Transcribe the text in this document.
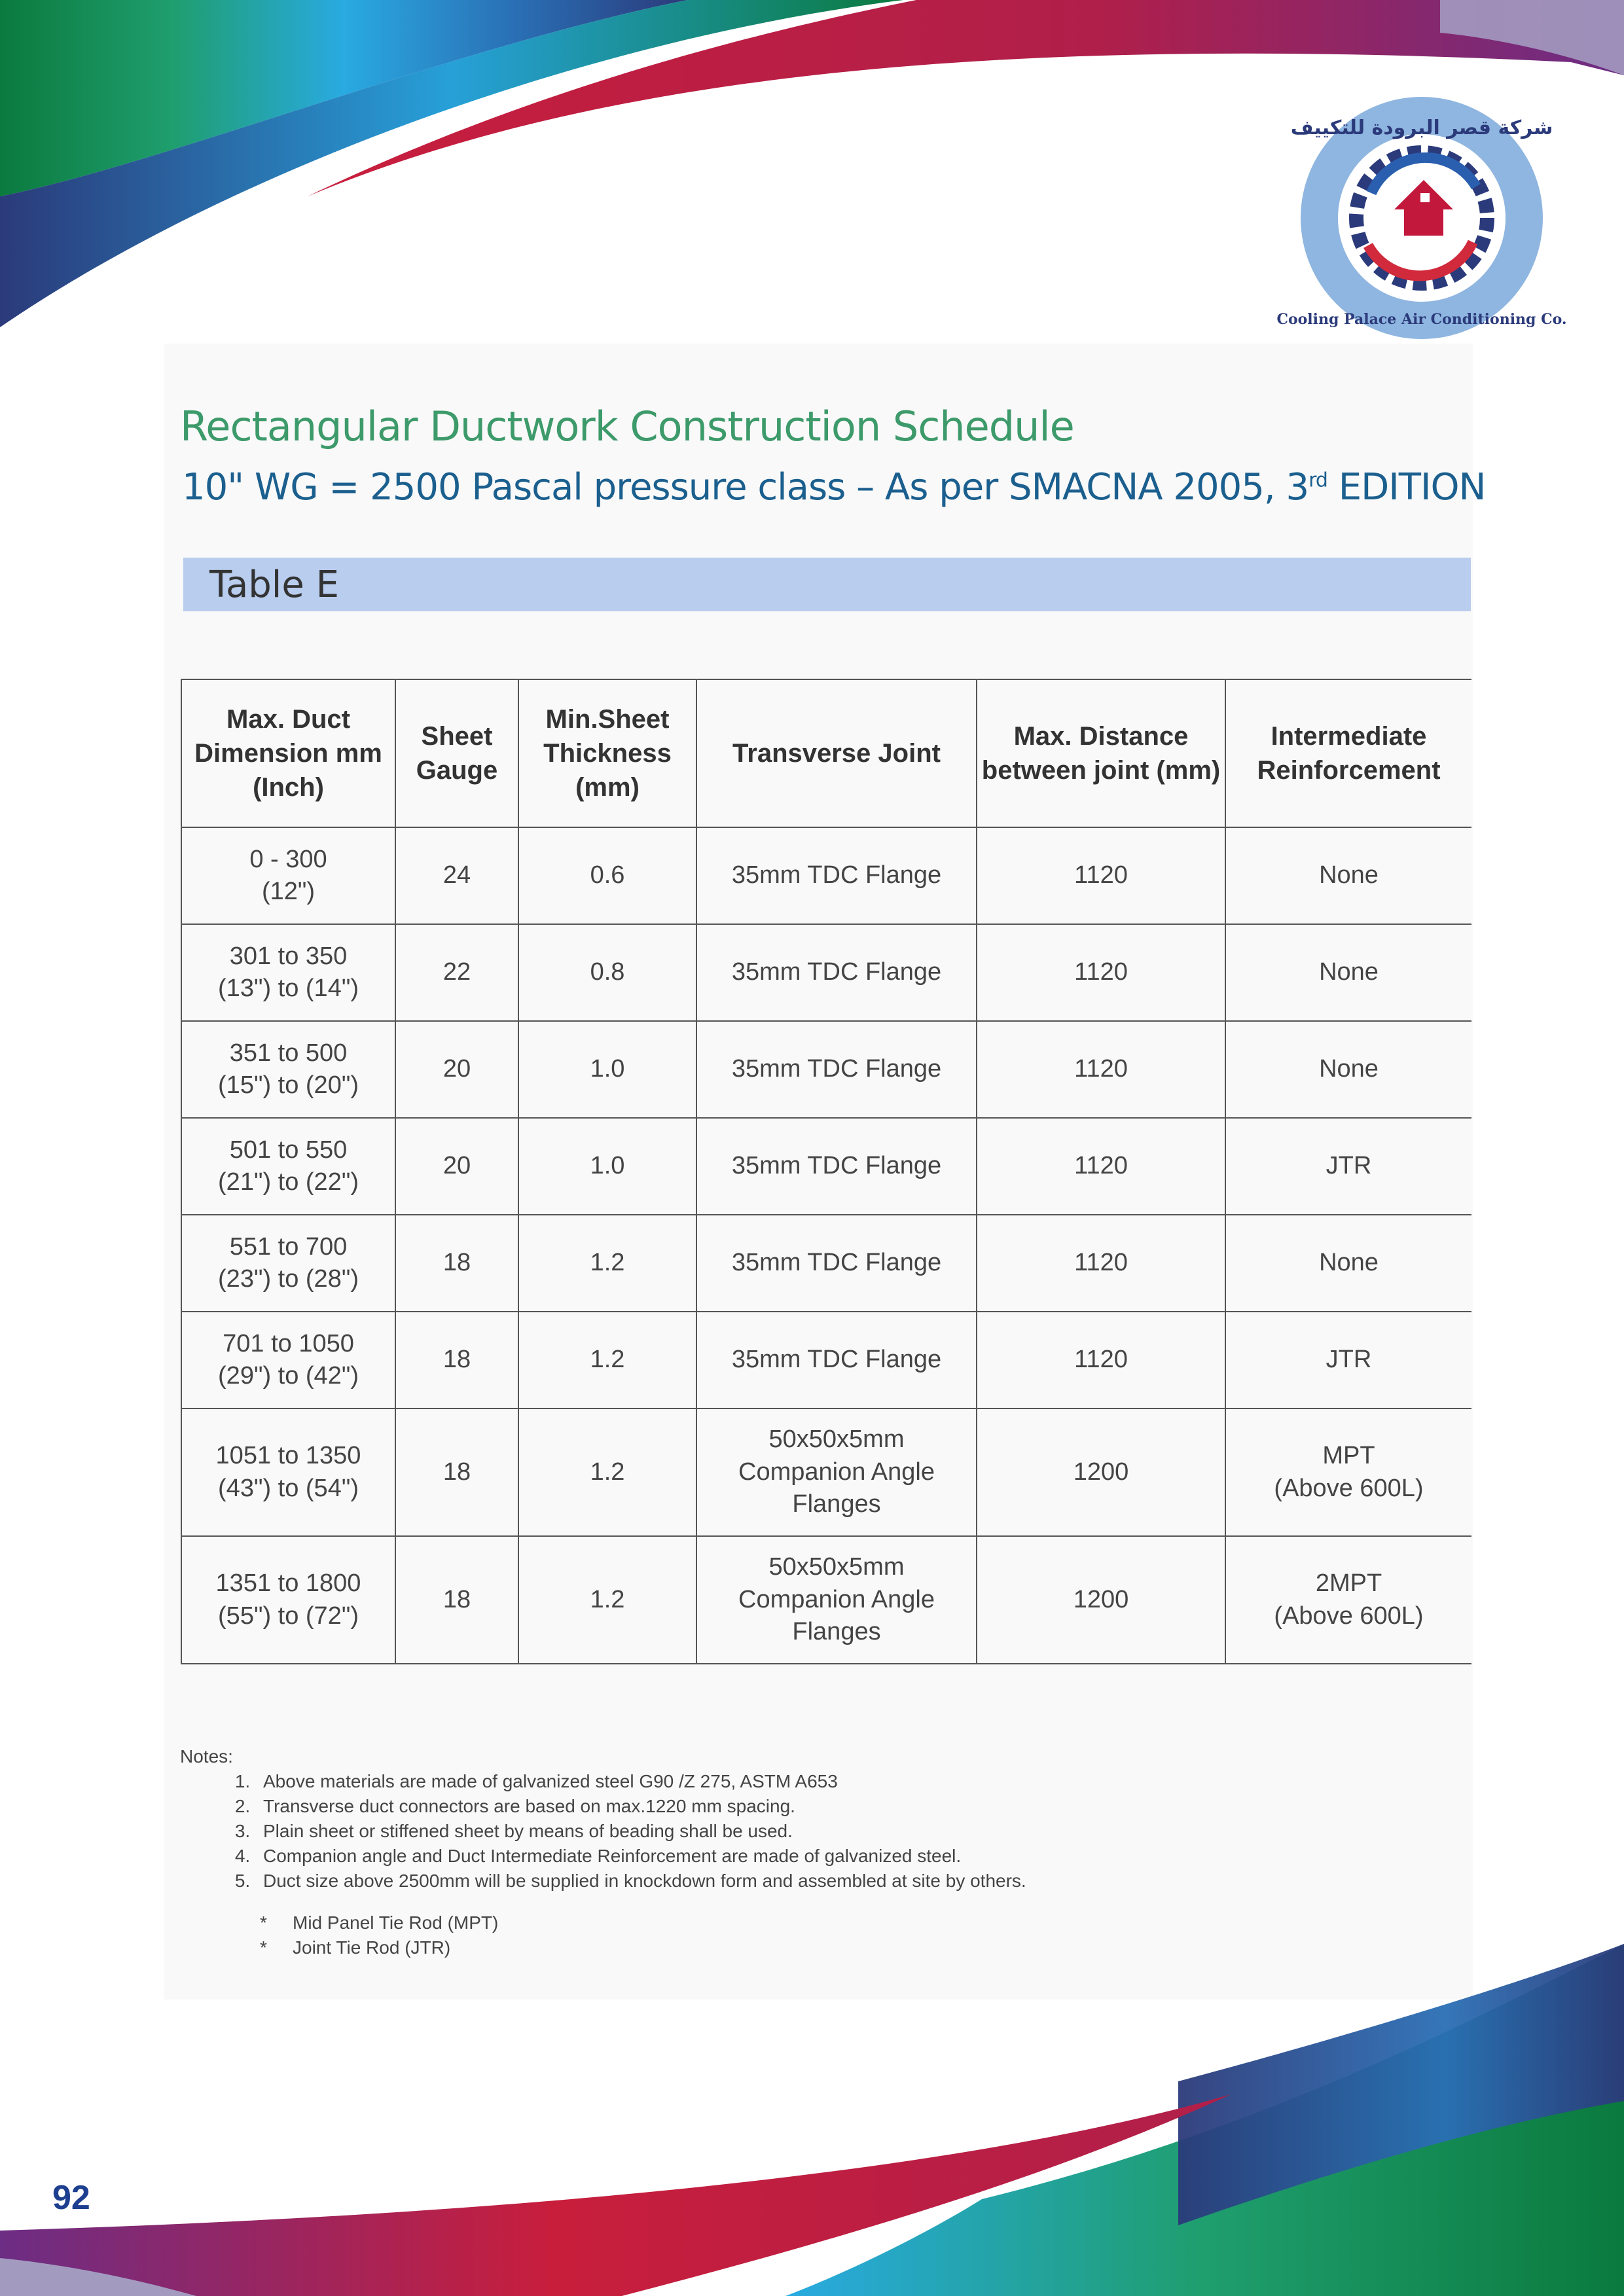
شركة قصر البرودة للتكييف
Cooling Palace Air Conditioning Co.
Rectangular Ductwork Construction Schedule
10" WG = 2500 Pascal pressure class – As per SMACNA 2005, 3rd EDITION
Table E
Max. Duct Dimension mm (Inch)	Sheet Gauge	Min.Sheet Thickness (mm)	Transverse Joint	Max. Distance between joint (mm)	Intermediate Reinforcement
0 - 300
(12")	24	0.6	35mm TDC Flange	1120	None
301 to 350
(13") to (14")	22	0.8	35mm TDC Flange	1120	None
351 to 500
(15") to (20")	20	1.0	35mm TDC Flange	1120	None
501 to 550
(21") to (22")	20	1.0	35mm TDC Flange	1120	JTR
551 to 700
(23") to (28")	18	1.2	35mm TDC Flange	1120	None
701 to 1050
(29") to (42")	18	1.2	35mm TDC Flange	1120	JTR
1051 to 1350
(43") to (54")	18	1.2	50x50x5mm
Companion Angle
Flanges	1200	MPT
(Above 600L)
1351 to 1800
(55") to (72")	18	1.2	50x50x5mm
Companion Angle
Flanges	1200	2MPT
(Above 600L)
Notes:
1. Above materials are made of galvanized steel G90 /Z 275, ASTM A653
2. Transverse duct connectors are based on max.1220 mm spacing.
3. Plain sheet or stiffened sheet by means of beading shall be used.
4. Companion angle and Duct Intermediate Reinforcement are made of galvanized steel.
5. Duct size above 2500mm will be supplied in knockdown form and assembled at site by others.
* Mid Panel Tie Rod (MPT)
* Joint Tie Rod (JTR)
92
